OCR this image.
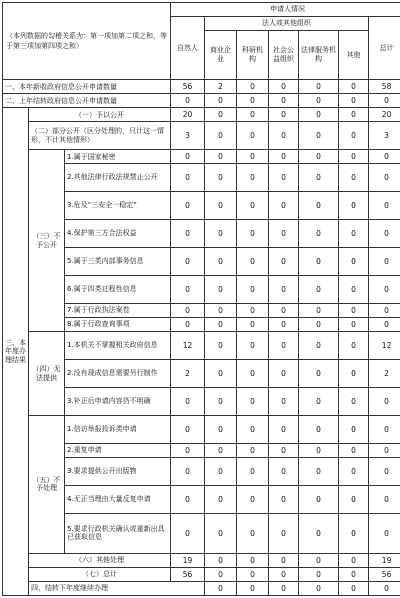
（本列数据的勾稽关系为：第一项加第二项之和，等于第三项加第四项之和）			申请人情况							
			自然人	法人或其他组织					总计	
				商业企业	科研机构	社会公益组织	法律服务机构	其他		
一、本年新收政府信息公开申请数量			56	2	0	0	0	0	58	
二、上年结转政府信息公开申请数量			0	0	0	0	0	0	0	
三、本年度办理结果	（一）予以公开		20	0	0	0	0	0	20	
	（二）部分公开（区分处理的，只计这一情形，不计其他情形）		3	0	0	0	0	0	3	
	（三）不予公开	1.属于国家秘密	0	0	0	0	0	0	0	
		2.其他法律行政法规禁止公开	0	0	0	0	0	0	0	
		3.危及“三安全一稳定”	0	0	0	0	0	0	0	
		4.保护第三方合法权益	0	0	0	0	0	0	0	
		5.属于三类内部事务信息	0	0	0	0	0	0	0	
		6.属于四类过程性信息	0	0	0	0	0	0	0	
		7.属于行政执法案卷	0	0	0	0	0	0	0	
		8.属于行政查询事项	0	0	0	0	0	0	0	
	（四）无法提供	1.本机关不掌握相关政府信息	12	0	0	0	0	0	12	
		2.没有现成信息需要另行制作	2	0	0	0	0	0	2	
		3.补正后申请内容仍不明确	0	0	0	0	0	0	0	
	（五）不予处理	1.信访举报投诉类申请	0	0	0	0	0	0	0	
		2.重复申请	0	0	0	0	0	0	0	
		3.要求提供公开出版物	0	0	0	0	0	0	0	
		4.无正当理由大量反复申请	0	0	0	0	0	0	0	
		5.要求行政机关确认或重新出具已获取信息	0	0	0	0	0	0	0	
	（六）其他处理		19	0	0	0	0	0	19	
	（七）总计		56	0	0	0	0	0	56	
	四、结转下年度继续办理			0	0	0	0	0	0	
